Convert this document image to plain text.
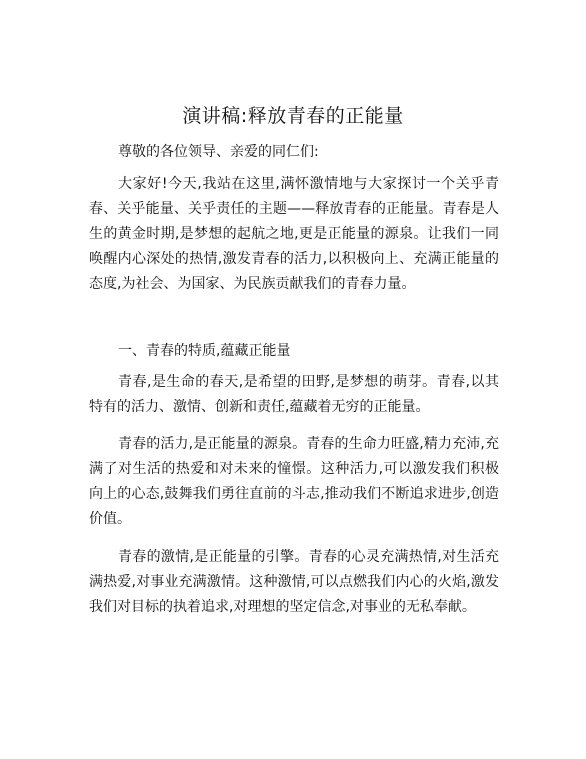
演讲稿:释放青春的正能量
尊敬的各位领导、亲爱的同仁们:

大家好!今天,我站在这里,满怀激情地与大家探讨一个关乎青春、关乎能量、关乎责任的主题——释放青春的正能量。青春是人生的黄金时期,是梦想的起航之地,更是正能量的源泉。让我们一同唤醒内心深处的热情,激发青春的活力,以积极向上、充满正能量的态度,为社会、为国家、为民族贡献我们的青春力量。

一、青春的特质,蕴藏正能量

青春,是生命的春天,是希望的田野,是梦想的萌芽。青春,以其特有的活力、激情、创新和责任,蕴藏着无穷的正能量。

青春的活力,是正能量的源泉。青春的生命力旺盛,精力充沛,充满了对生活的热爱和对未来的憧憬。这种活力,可以激发我们积极向上的心态,鼓舞我们勇往直前的斗志,推动我们不断追求进步,创造价值。

青春的激情,是正能量的引擎。青春的心灵充满热情,对生活充满热爱,对事业充满激情。这种激情,可以点燃我们内心的火焰,激发我们对目标的执着追求,对理想的坚定信念,对事业的无私奉献。
